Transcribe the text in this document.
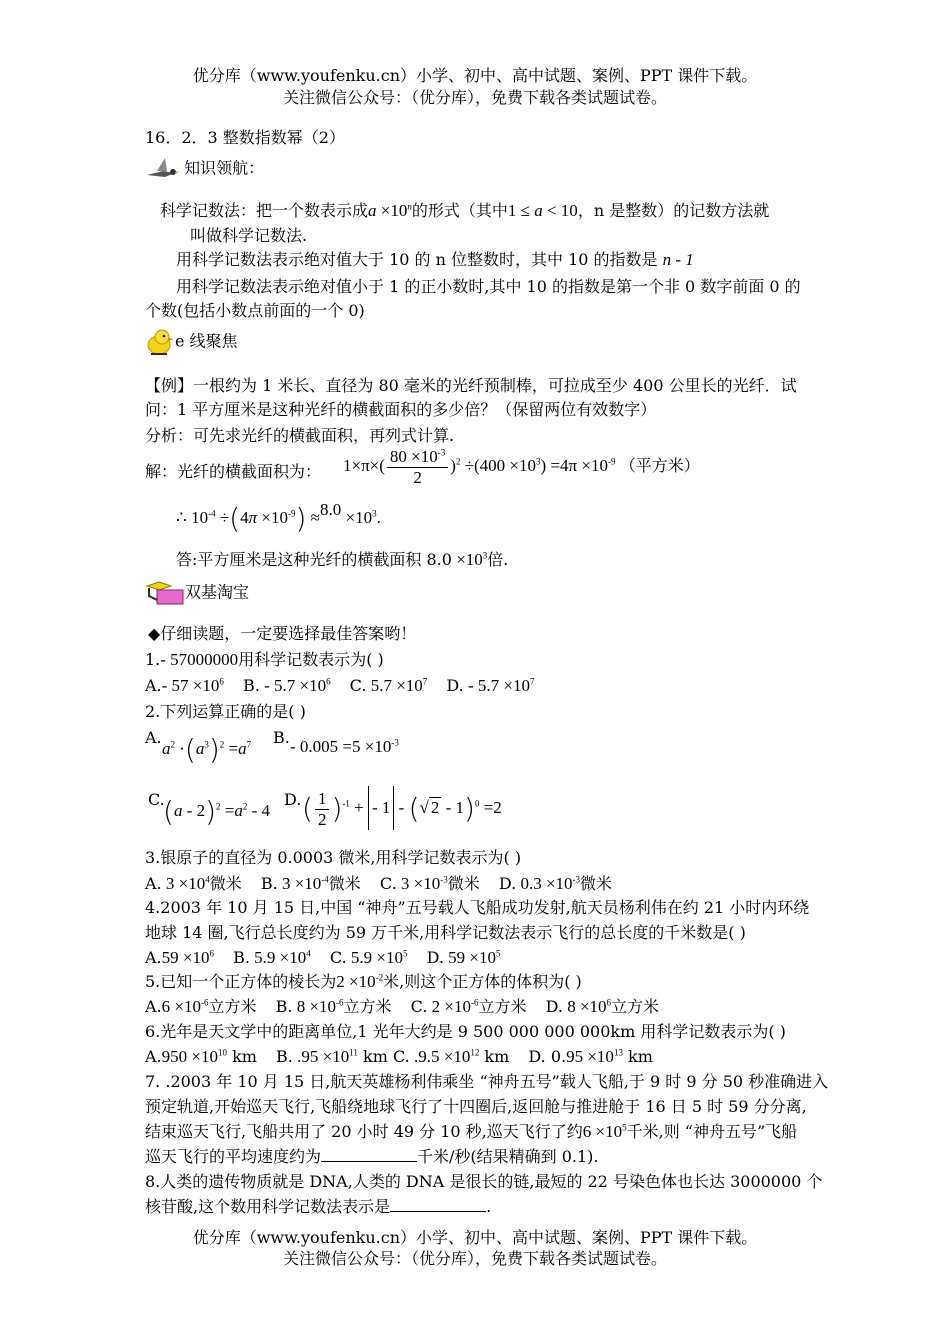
优分库（www.youfenku.cn）小学、初中、高中试题、案例、PPT 课件下载。
关注微信公众号：（优分库），免费下载各类试题试卷。
16．2．3 整数指数幂（2）
知识领航：
科学记数法：把一个数表示成$a \times 10^n$的形式（其中1 ≤ a < 10，n 是整数）的记数方法就
叫做科学记数法.
用科学记数法表示绝对值大于 10 的 n 位整数时，其中 10 的指数是 n - 1
用科学记数法表示绝对值小于 1 的正小数时,其中 10 的指数是第一个非 0 数字前面 0 的
个数(包括小数点前面的一个 0)
e 线聚焦
【例】一根约为 1 米长、直径为 80 毫米的光纤预制棒，可拉成至少 400 公里长的光纤．试
问：1 平方厘米是这种光纤的横截面积的多少倍？（保留两位有效数字）
分析：可先求光纤的横截面积，再列式计算.
解：光纤的横截面积为： $1\times\pi\times( \frac{80 \times 10^{-3}}{2} )^2 \div(400 \times 10^3) =4\pi \times 10^{-9}$ （平方米）
∴ $10^{-4} \div(4\pi \times 10^{-9}) \approx 8.0 \times 10^3$.
答:平方厘米是这种光纤的横截面积 $8.0 \times 10^3$倍.
双基淘宝
◆仔细读题，一定要选择最佳答案哟！
1.- 57000000用科学记数表示为( )
A.- $57 \times 10^6$ B. - $5.7 \times 10^6$ C. $5.7 \times 10^7$ D. - $5.7 \times 10^7$
2.下列运算正确的是( )
A.
$a^2 \cdot(a^3)^2 =a^7$ B. - $0.005 =5 \times 10^{-3}$
C.
$(a - 2)^2 =a^2 - 4$
D. ( $\frac{1}{2} )^{-1}$ + - 1 - (√ 2 - 1)$^0$ =2
3.银原子的直径为 0.0003 微米,用科学记数表示为( )
A. $3 \times 10^4$微米 B. $3 \times 10^{-4}$微米 C. $3 \times 10^{-3}$微米 D. $0.3 \times 10^{-3}$微米
4.2003 年 10 月 15 日,中国 “神舟”五号载人飞船成功发射,航天员杨利伟在约 21 小时内环绕
地球 14 圈,飞行总长度约为 59 万千米,用科学记数法表示飞行的总长度的千米数是( )
$A.59 \times 10^6$ B. $5.9 \times 10^4$ C. $5.9 \times 10^5$ D. $59 \times 10^5$
5.已知一个正方体的棱长为$2 \times 10^{-2}$米,则这个正方体的体积为( )
$A.6 \times 10^{-6}$立方米 B. $8 \times 10^{-6}$立方米 C. $2 \times 10^{-6}$立方米 D. $8 \times 10^6$立方米
6.光年是天文学中的距离单位,1 光年大约是 9 500 000 000 000km 用科学记数表示为( )
$A.950 \times 10^{10}$ km B. $.95 \times 10^{11}$ km C. $.9.5 \times 10^{12}$ km D. $0.95 \times 10^{13}$ km
7. .2003 年 10 月 15 日,航天英雄杨利伟乘坐 “神舟五号”载人飞船,于 9 时 9 分 50 秒准确进入
预定轨道,开始巡天飞行,飞船绕地球飞行了十四圈后,返回舱与推进舱于 16 日 5 时 59 分分离,
结束巡天飞行,飞船共用了 20 小时 49 分 10 秒,巡天飞行了约$6 \times 10^5$千米,则 “神舟五号”飞船
巡天飞行的平均速度约为	千米/秒(结果精确到 0.1).
8.人类的遗传物质就是 DNA,人类的 DNA 是很长的链,最短的 22 号染色体也长达 3000000 个
核苷酸,这个数用科学记数法表示是	.
优分库（www.youfenku.cn）小学、初中、高中试题、案例、PPT 课件下载。
关注微信公众号：（优分库），免费下载各类试题试卷。
